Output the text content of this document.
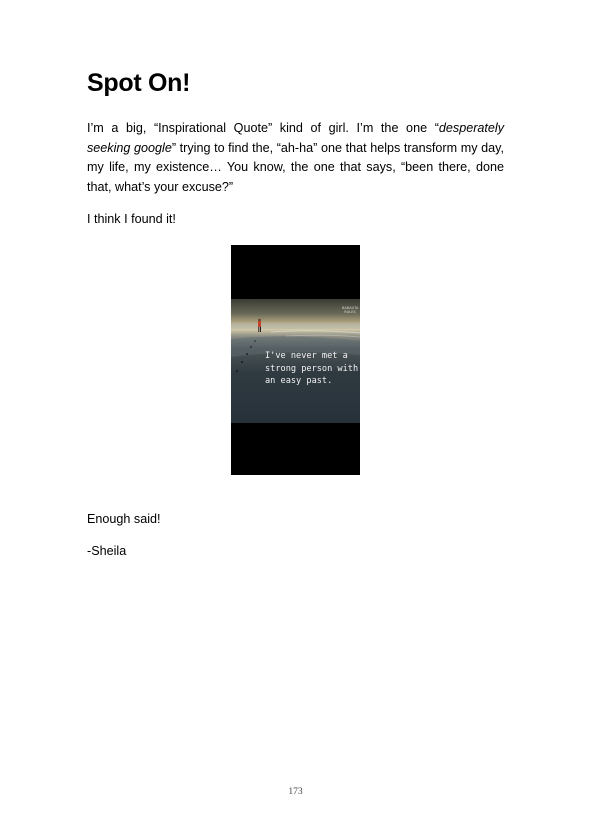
Spot On!

I’m a big, “Inspirational Quote” kind of girl. I’m the one “desperately seeking google” trying to find the, “ah-ha” one that helps transform my day, my life, my existence… You know, the one that says, “been there, done that, what’s your excuse?”

I think I found it!

BABAUTA RULES
I've never met a
strong person with
an easy past.

Enough said!

-Sheila

173
